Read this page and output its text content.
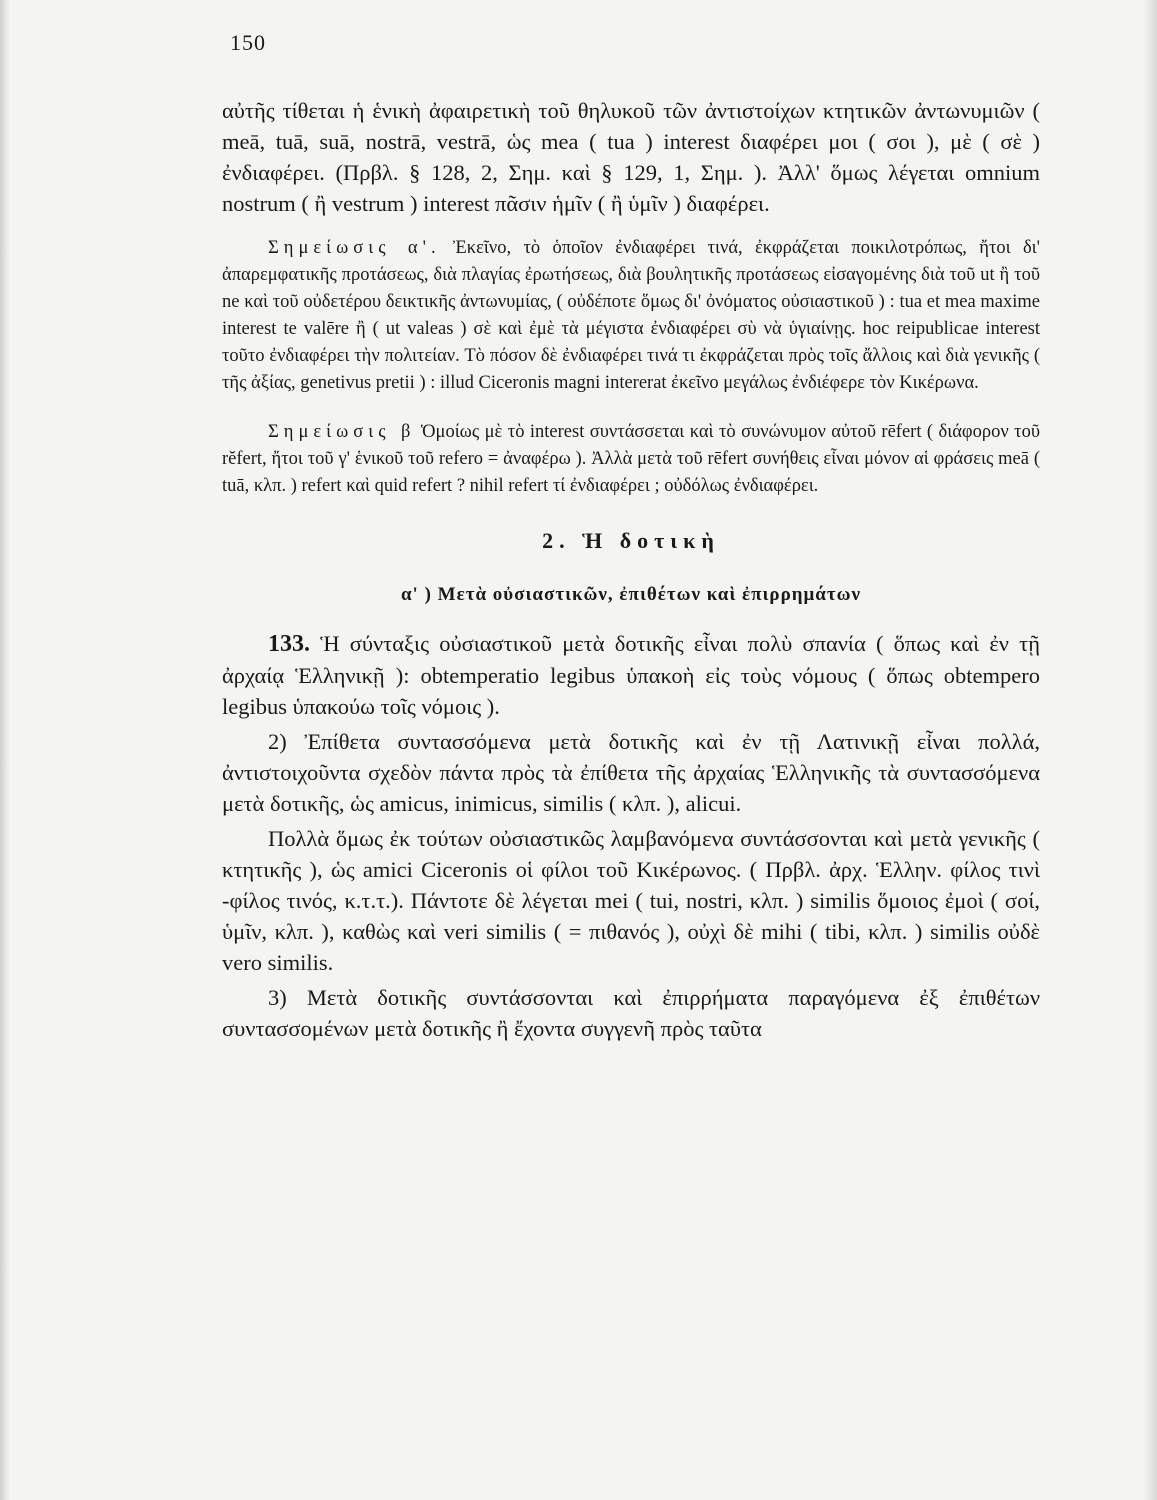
150

αὐτῆς τίθεται ἡ ἑνικὴ ἀφαιρετικὴ τοῦ θηλυκοῦ τῶν ἀντιστοίχων κτητικῶν ἀντωνυμιῶν ( meā, tuā, suā, nostrā, vestrā, ὡς mea ( tua ) interest διαφέρει μοι ( σοι ), μὲ ( σὲ ) ἐνδιαφέρει. (Πρβλ. § 128, 2, Σημ. καὶ § 129, 1, Σημ. ). Ἀλλ' ὅμως λέγεται omnium nostrum ( ἢ vestrum ) interest πᾶσιν ἡμῖν ( ἢ ὑμῖν ) διαφέρει.

Σημείωσις α'. Ἐκεῖνο, τὸ ὁποῖον ἐνδιαφέρει τινά, ἐκφράζεται ποικιλοτρόπως, ἤτοι δι' ἀπαρεμφατικῆς προτάσεως, διὰ πλαγίας ἐρωτήσεως, διὰ βουλητικῆς προτάσεως εἰσαγομένης διὰ τοῦ ut ἢ τοῦ ne καὶ τοῦ οὐδετέρου δεικτικῆς ἀντωνυμίας, ( οὐδέποτε ὅμως δι' ὀνόματος οὐσιαστικοῦ ) : tua et mea maxime interest te valēre ἢ ( ut valeas ) σὲ καὶ ἐμὲ τὰ μέγιστα ἐνδιαφέρει σὺ νὰ ὑγιαίνῃς. hoc reipublicae interest τοῦτο ἐνδιαφέρει τὴν πολιτείαν. Τὸ πόσον δὲ ἐνδιαφέρει τινά τι ἐκφράζεται πρὸς τοῖς ἄλλοις καὶ διὰ γενικῆς ( τῆς ἀξίας, genetivus pretii ) : illud Ciceronis magni intererat ἐκεῖνο μεγάλως ἐνδιέφερε τὸν Κικέρωνα.

Σημείωσις β Ὁμοίως μὲ τὸ interest συντάσσεται καὶ τὸ συνώνυμον αὐτοῦ rēfert ( διάφορον τοῦ rĕfert, ἤτοι τοῦ γ' ἑνικοῦ τοῦ refero = ἀναφέρω ). Ἀλλὰ μετὰ τοῦ rēfert συνήθεις εἶναι μόνον αἱ φράσεις meā ( tuā, κλπ. ) refert καὶ quid refert ? nihil refert τί ἐνδιαφέρει ; οὐδόλως ἐνδιαφέρει.

2. Ἡ δοτικὴ
α' ) Μετὰ οὐσιαστικῶν, ἐπιθέτων καὶ ἐπιρρημάτων

133. Ἡ σύνταξις οὐσιαστικοῦ μετὰ δοτικῆς εἶναι πολὺ σπανία ( ὅπως καὶ ἐν τῇ ἀρχαίᾳ Ἑλληνικῇ ): obtemperatio legibus ὑπακοὴ εἰς τοὺς νόμους ( ὅπως obtempero legibus ὑπακούω τοῖς νόμοις ).

2) Ἐπίθετα συντασσόμενα μετὰ δοτικῆς καὶ ἐν τῇ Λατινικῇ εἶναι πολλά, ἀντιστοιχοῦντα σχεδὸν πάντα πρὸς τὰ ἐπίθετα τῆς ἀρχαίας Ἑλληνικῆς τὰ συντασσόμενα μετὰ δοτικῆς, ὡς amicus, inimicus, similis ( κλπ. ), alicui.

Πολλὰ ὅμως ἐκ τούτων οὐσιαστικῶς λαμβανόμενα συντάσσονται καὶ μετὰ γενικῆς ( κτητικῆς ), ὡς amici Ciceronis οἱ φίλοι τοῦ Κικέρωνος. ( Πρβλ. ἀρχ. Ἑλλην. φίλος τινὶ -φίλος τινός, κ.τ.τ.). Πάντοτε δὲ λέγεται mei ( tui, nostri, κλπ. ) similis ὅμοιος ἐμοὶ ( σοί, ὑμῖν, κλπ. ), καθὼς καὶ veri similis ( = πιθανός ), οὐχὶ δὲ mihi ( tibi, κλπ. ) similis οὐδὲ vero similis.

3) Μετὰ δοτικῆς συντάσσονται καὶ ἐπιρρήματα παραγόμενα ἐξ ἐπιθέτων συντασσομένων μετὰ δοτικῆς ἢ ἔχοντα συγγενῆ πρὸς ταῦτα
